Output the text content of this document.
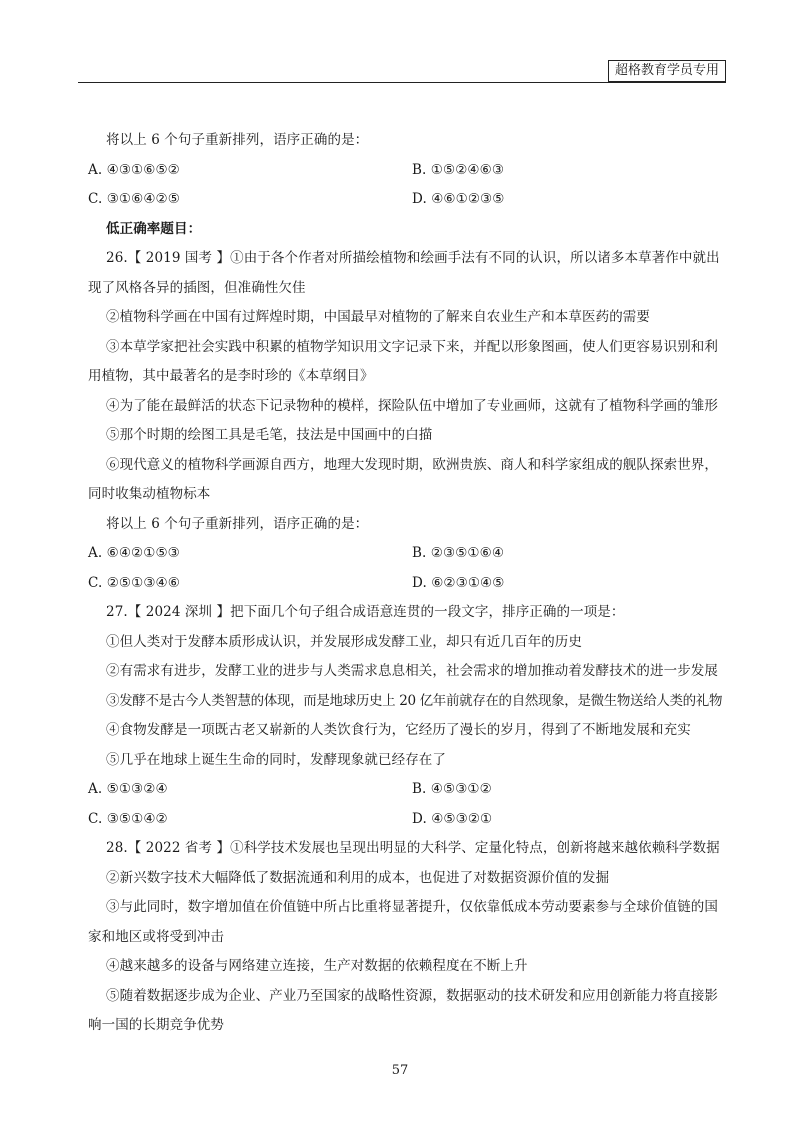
超格教育学员专用
将以上 6 个句子重新排列，语序正确的是：
A. ④③①⑥⑤②	B. ①⑤②④⑥③
C. ③①⑥④②⑤	D. ④⑥①②③⑤
低正确率题目：
26.【 2019 国考 】①由于各个作者对所描绘植物和绘画手法有不同的认识，所以诸多本草著作中就出现了风格各异的插图，但准确性欠佳
②植物科学画在中国有过辉煌时期，中国最早对植物的了解来自农业生产和本草医药的需要
③本草学家把社会实践中积累的植物学知识用文字记录下来，并配以形象图画，使人们更容易识别和利用植物，其中最著名的是李时珍的《本草纲目》
④为了能在最鲜活的状态下记录物种的模样，探险队伍中增加了专业画师，这就有了植物科学画的雏形
⑤那个时期的绘图工具是毛笔，技法是中国画中的白描
⑥现代意义的植物科学画源自西方，地理大发现时期，欧洲贵族、商人和科学家组成的舰队探索世界，同时收集动植物标本
将以上 6 个句子重新排列，语序正确的是：
A. ⑥④②①⑤③	B. ②③⑤①⑥④
C. ②⑤①③④⑥	D. ⑥②③①④⑤
27.【 2024 深圳 】把下面几个句子组合成语意连贯的一段文字，排序正确的一项是：
①但人类对于发酵本质形成认识，并发展形成发酵工业，却只有近几百年的历史
②有需求有进步，发酵工业的进步与人类需求息息相关，社会需求的增加推动着发酵技术的进一步发展
③发酵不是古今人类智慧的体现，而是地球历史上 20 亿年前就存在的自然现象，是微生物送给人类的礼物
④食物发酵是一项既古老又崭新的人类饮食行为，它经历了漫长的岁月，得到了不断地发展和充实
⑤几乎在地球上诞生生命的同时，发酵现象就已经存在了
A. ⑤①③②④	B. ④⑤③①②
C. ③⑤①④②	D. ④⑤③②①
28.【 2022 省考 】①科学技术发展也呈现出明显的大科学、定量化特点，创新将越来越依赖科学数据
②新兴数字技术大幅降低了数据流通和利用的成本，也促进了对数据资源价值的发掘
③与此同时，数字增加值在价值链中所占比重将显著提升，仅依靠低成本劳动要素参与全球价值链的国家和地区或将受到冲击
④越来越多的设备与网络建立连接，生产对数据的依赖程度在不断上升
⑤随着数据逐步成为企业、产业乃至国家的战略性资源，数据驱动的技术研发和应用创新能力将直接影响一国的长期竞争优势
57
